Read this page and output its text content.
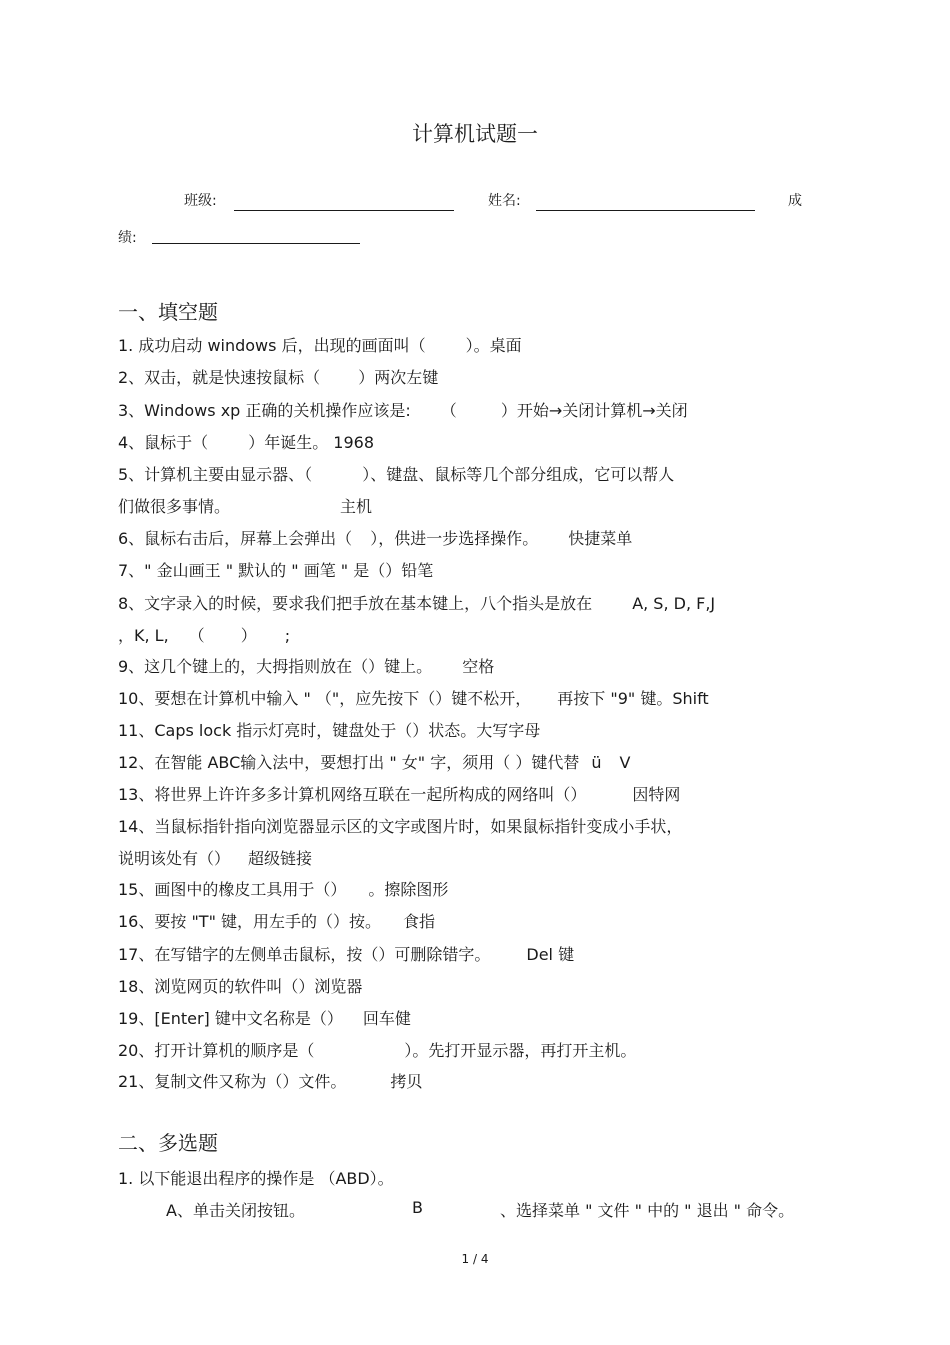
计算机试题一
班级:	姓名:	成
绩:
一、填空题
1. 成功启动 windows 后，出现的画面叫（	）。桌面
2、双击，就是快速按鼠标（ ）两次左键
3、Windows xp 正确的关机操作应该是: （	）开始→关闭计算机→关闭
4、鼠标于（	）年诞生。 1968
5、计算机主要由显示器、（	）、键盘、鼠标等几个部分组成，它可以帮人
们做很多事情。	主机
6、鼠标右击后，屏幕上会弹出（ ），供进一步选择操作。 快捷菜单
7、" 金山画王 " 默认的 " 画笔 " 是（）铅笔
8、文字录入的时候，要求我们把手放在基本键上，八个指头是放在	A, S, D, F,J
，K, L, （ ） ;
9、这几个键上的，大拇指则放在（）键上。 空格
10、要想在计算机中输入 " （"，应先按下（）键不松开， 再按下 "9" 键。Shift
11、Caps lock 指示灯亮时，键盘处于（）状态。大写字母
12、在智能 ABC输入法中，要想打出 " 女" 字，须用（ ）键代替 ü V
13、将世界上许许多多计算机网络互联在一起所构成的网络叫（）	因特网
14、当鼠标指针指向浏览器显示区的文字或图片时，如果鼠标指针变成小手状，
说明该处有（） 超级链接
15、画图中的橡皮工具用于（） 。擦除图形
16、要按 "T" 键，用左手的（）按。 食指
17、在写错字的左侧单击鼠标，按（）可删除错字。 Del 键
18、浏览网页的软件叫（）浏览器
19、[Enter] 键中文名称是（） 回车健
20、打开计算机的顺序是（	）。先打开显示器，再打开主机。
21、复制文件又称为（）文件。	拷贝
二、多选题
1. 以下能退出程序的操作是 （ABD）。
A、单击关闭按钮。	B	、选择菜单 " 文件 " 中的 " 退出 " 命令。
1 / 4
